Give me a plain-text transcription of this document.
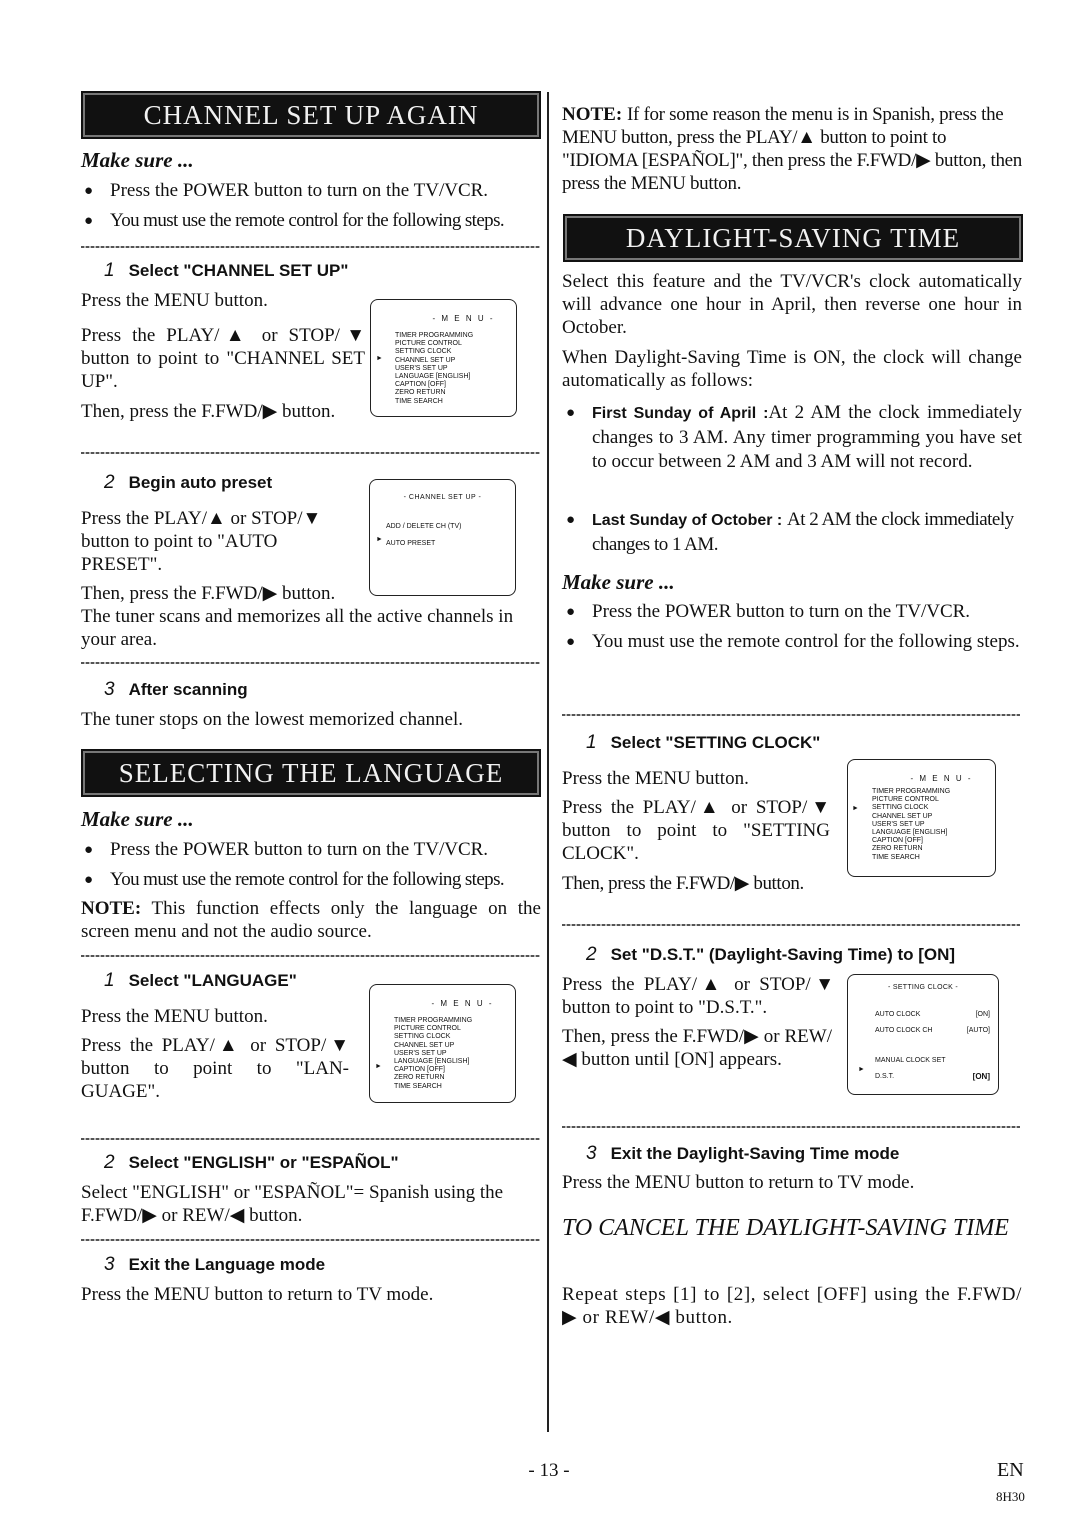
CHANNEL SET UP AGAIN
Make sure ...
● Press the POWER button to turn on the TV/VCR.
● You must use the remote control for the following steps.
1 Select "CHANNEL SET UP"
Press the MENU button.
Press the PLAY/▲ or STOP/▼ button to point to "CHANNEL SET UP".
Then, press the F.FWD/▶ button.
- M E N U -
►
TIMER PROGRAMMING
PICTURE CONTROL
SETTING CLOCK
CHANNEL SET UP
USER'S SET UP
LANGUAGE [ENGLISH]
CAPTION [OFF]
ZERO RETURN
TIME SEARCH
2 Begin auto preset
Press the PLAY/▲ or STOP/▼ button to point to "AUTO PRESET".
Then, press the F.FWD/▶ button.
The tuner scans and memorizes all the active channels in your area.
- CHANNEL SET UP -
►
ADD / DELETE CH (TV)
AUTO PRESET
3 After scanning
The tuner stops on the lowest memorized channel.
SELECTING THE LANGUAGE
Make sure ...
● Press the POWER button to turn on the TV/VCR.
● You must use the remote control for the following steps.
NOTE: This function effects only the language on the screen menu and not the audio source.
1 Select "LANGUAGE"
Press the MENU button.
Press the PLAY/▲ or STOP/▼ button to point to "LAN-GUAGE".
- M E N U -
►
TIMER PROGRAMMING
PICTURE CONTROL
SETTING CLOCK
CHANNEL SET UP
USER'S SET UP
LANGUAGE [ENGLISH]
CAPTION [OFF]
ZERO RETURN
TIME SEARCH
2 Select "ENGLISH" or "ESPAÑOL"
Select "ENGLISH" or "ESPAÑOL"= Spanish using the F.FWD/▶ or REW/◀ button.
3 Exit the Language mode
Press the MENU button to return to TV mode.
NOTE: If for some reason the menu is in Spanish, press the MENU button, press the PLAY/▲ button to point to "IDIOMA [ESPAÑOL]", then press the F.FWD/▶ button, then press the MENU button.
DAYLIGHT-SAVING TIME
Select this feature and the TV/VCR's clock automatically will advance one hour in April, then reverse one hour in October.
When Daylight-Saving Time is ON, the clock will change automatically as follows:
● First Sunday of April :At 2 AM the clock immediately changes to 3 AM. Any timer programming you have set to occur between 2 AM and 3 AM will not record.
● Last Sunday of October : At 2 AM the clock immediately changes to 1 AM.
Make sure ...
● Press the POWER button to turn on the TV/VCR.
● You must use the remote control for the following steps.
1 Select "SETTING CLOCK"
Press the MENU button.
Press the PLAY/▲ or STOP/▼ button to point to "SETTING CLOCK".
Then, press the F.FWD/▶ button.
- M E N U -
►
TIMER PROGRAMMING
PICTURE CONTROL
SETTING CLOCK
CHANNEL SET UP
USER'S SET UP
LANGUAGE [ENGLISH]
CAPTION [OFF]
ZERO RETURN
TIME SEARCH
2 Set "D.S.T." (Daylight-Saving Time) to [ON]
Press the PLAY/▲ or STOP/▼ button to point to "D.S.T.".
Then, press the F.FWD/▶ or REW/◀ button until [ON] appears.
- SETTING CLOCK -
AUTO CLOCK	[ON]
AUTO CLOCK CH	[AUTO]
MANUAL CLOCK SET
D.S.T.	[ON]
►
3 Exit the Daylight-Saving Time mode
Press the MENU button to return to TV mode.
TO CANCEL THE DAYLIGHT-SAVING TIME
Repeat steps [1] to [2], select [OFF] using the F.FWD/▶ or REW/◀ button.
- 13 -	EN
8H30
